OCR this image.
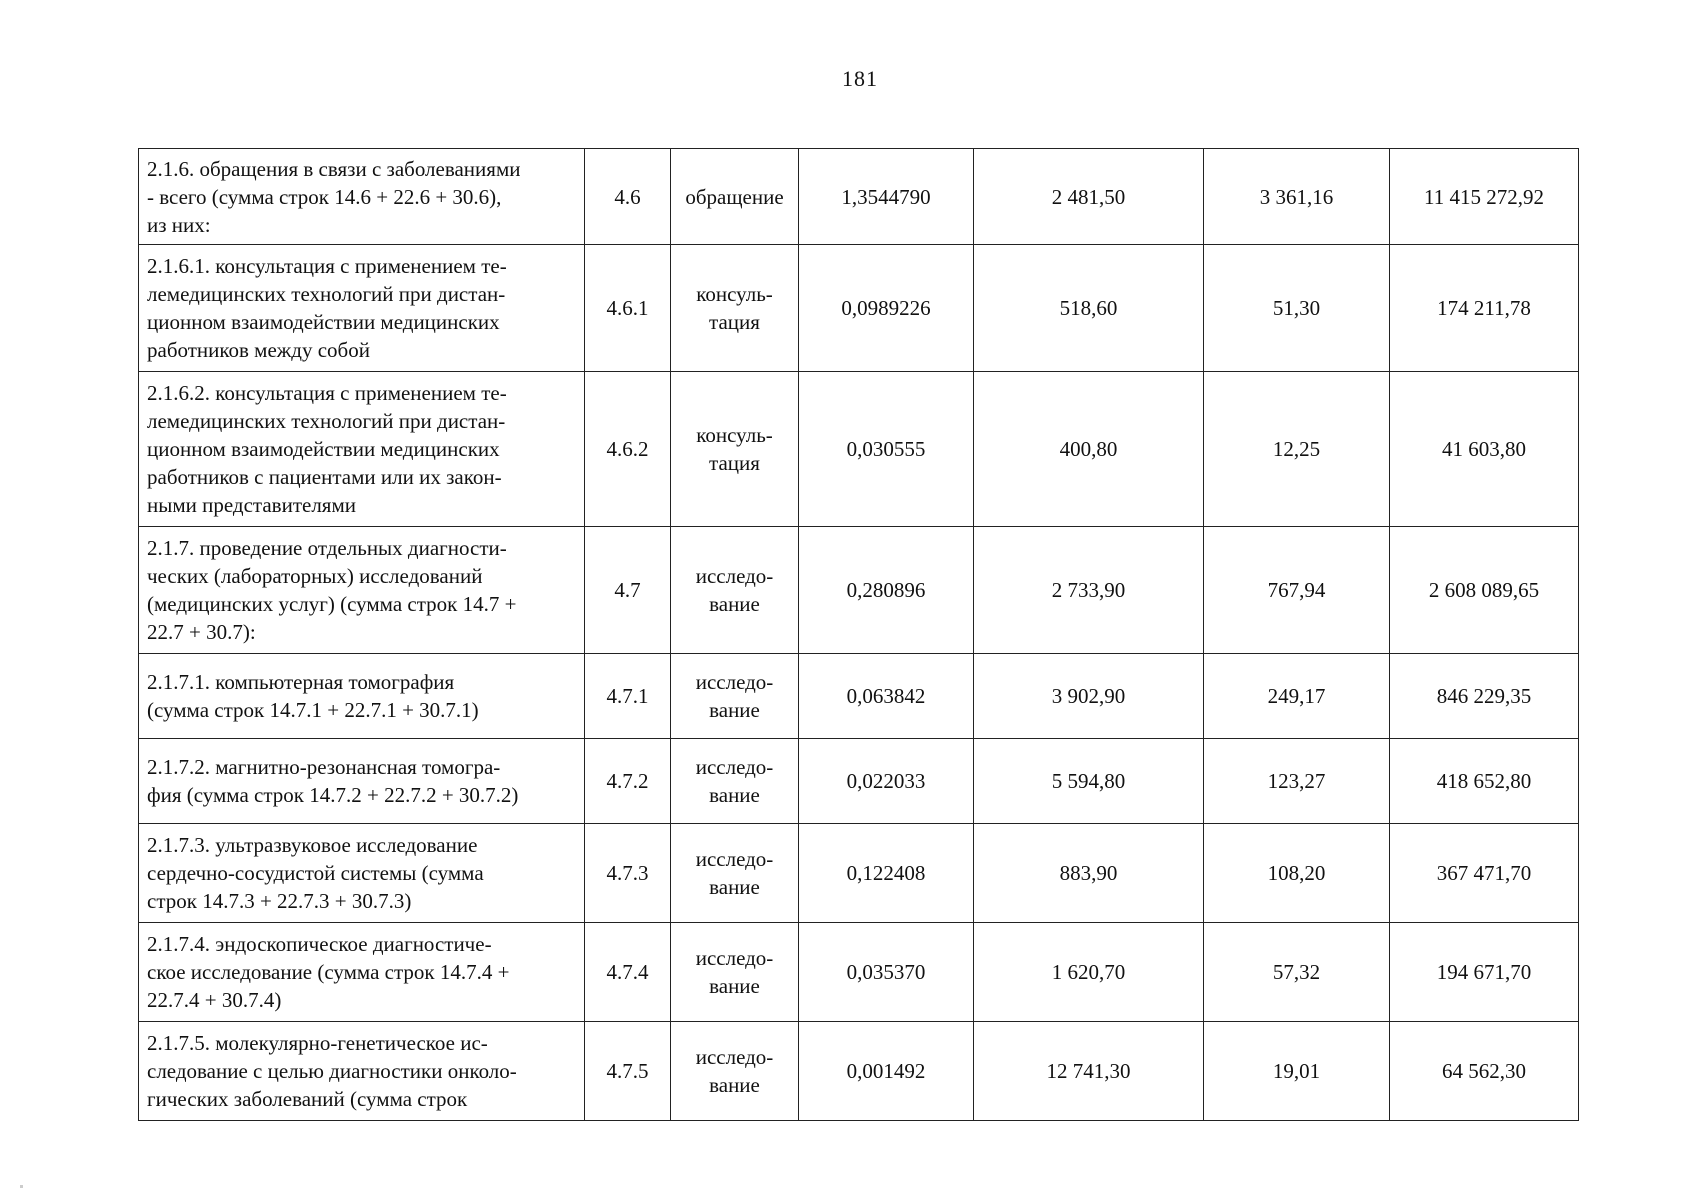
181
2.1.6. обращения в связи с заболеваниями
- всего (сумма строк 14.6 + 22.6 + 30.6),
из них:	4.6	обращение	1,3544790	2 481,50	3 361,16	11 415 272,92
2.1.6.1. консультация с применением те-
лемедицинских технологий при дистан-
ционном взаимодействии медицинских
работников между собой	4.6.1	консуль-
тация	0,0989226	518,60	51,30	174 211,78
2.1.6.2. консультация с применением те-
лемедицинских технологий при дистан-
ционном взаимодействии медицинских
работников с пациентами или их закон-
ными представителями	4.6.2	консуль-
тация	0,030555	400,80	12,25	41 603,80
2.1.7. проведение отдельных диагности-
ческих (лабораторных) исследований
(медицинских услуг) (сумма строк 14.7 +
22.7 + 30.7):	4.7	исследо-
вание	0,280896	2 733,90	767,94	2 608 089,65
2.1.7.1. компьютерная томография
(сумма строк 14.7.1 + 22.7.1 + 30.7.1)	4.7.1	исследо-
вание	0,063842	3 902,90	249,17	846 229,35
2.1.7.2. магнитно-резонансная томогра-
фия (сумма строк 14.7.2 + 22.7.2 + 30.7.2)	4.7.2	исследо-
вание	0,022033	5 594,80	123,27	418 652,80
2.1.7.3. ультразвуковое исследование
сердечно-сосудистой системы (сумма
строк 14.7.3 + 22.7.3 + 30.7.3)	4.7.3	исследо-
вание	0,122408	883,90	108,20	367 471,70
2.1.7.4. эндоскопическое диагностиче-
ское исследование (сумма строк 14.7.4 +
22.7.4 + 30.7.4)	4.7.4	исследо-
вание	0,035370	1 620,70	57,32	194 671,70
2.1.7.5. молекулярно-генетическое ис-
следование с целью диагностики онколо-
гических заболеваний (сумма строк	4.7.5	исследо-
вание	0,001492	12 741,30	19,01	64 562,30
